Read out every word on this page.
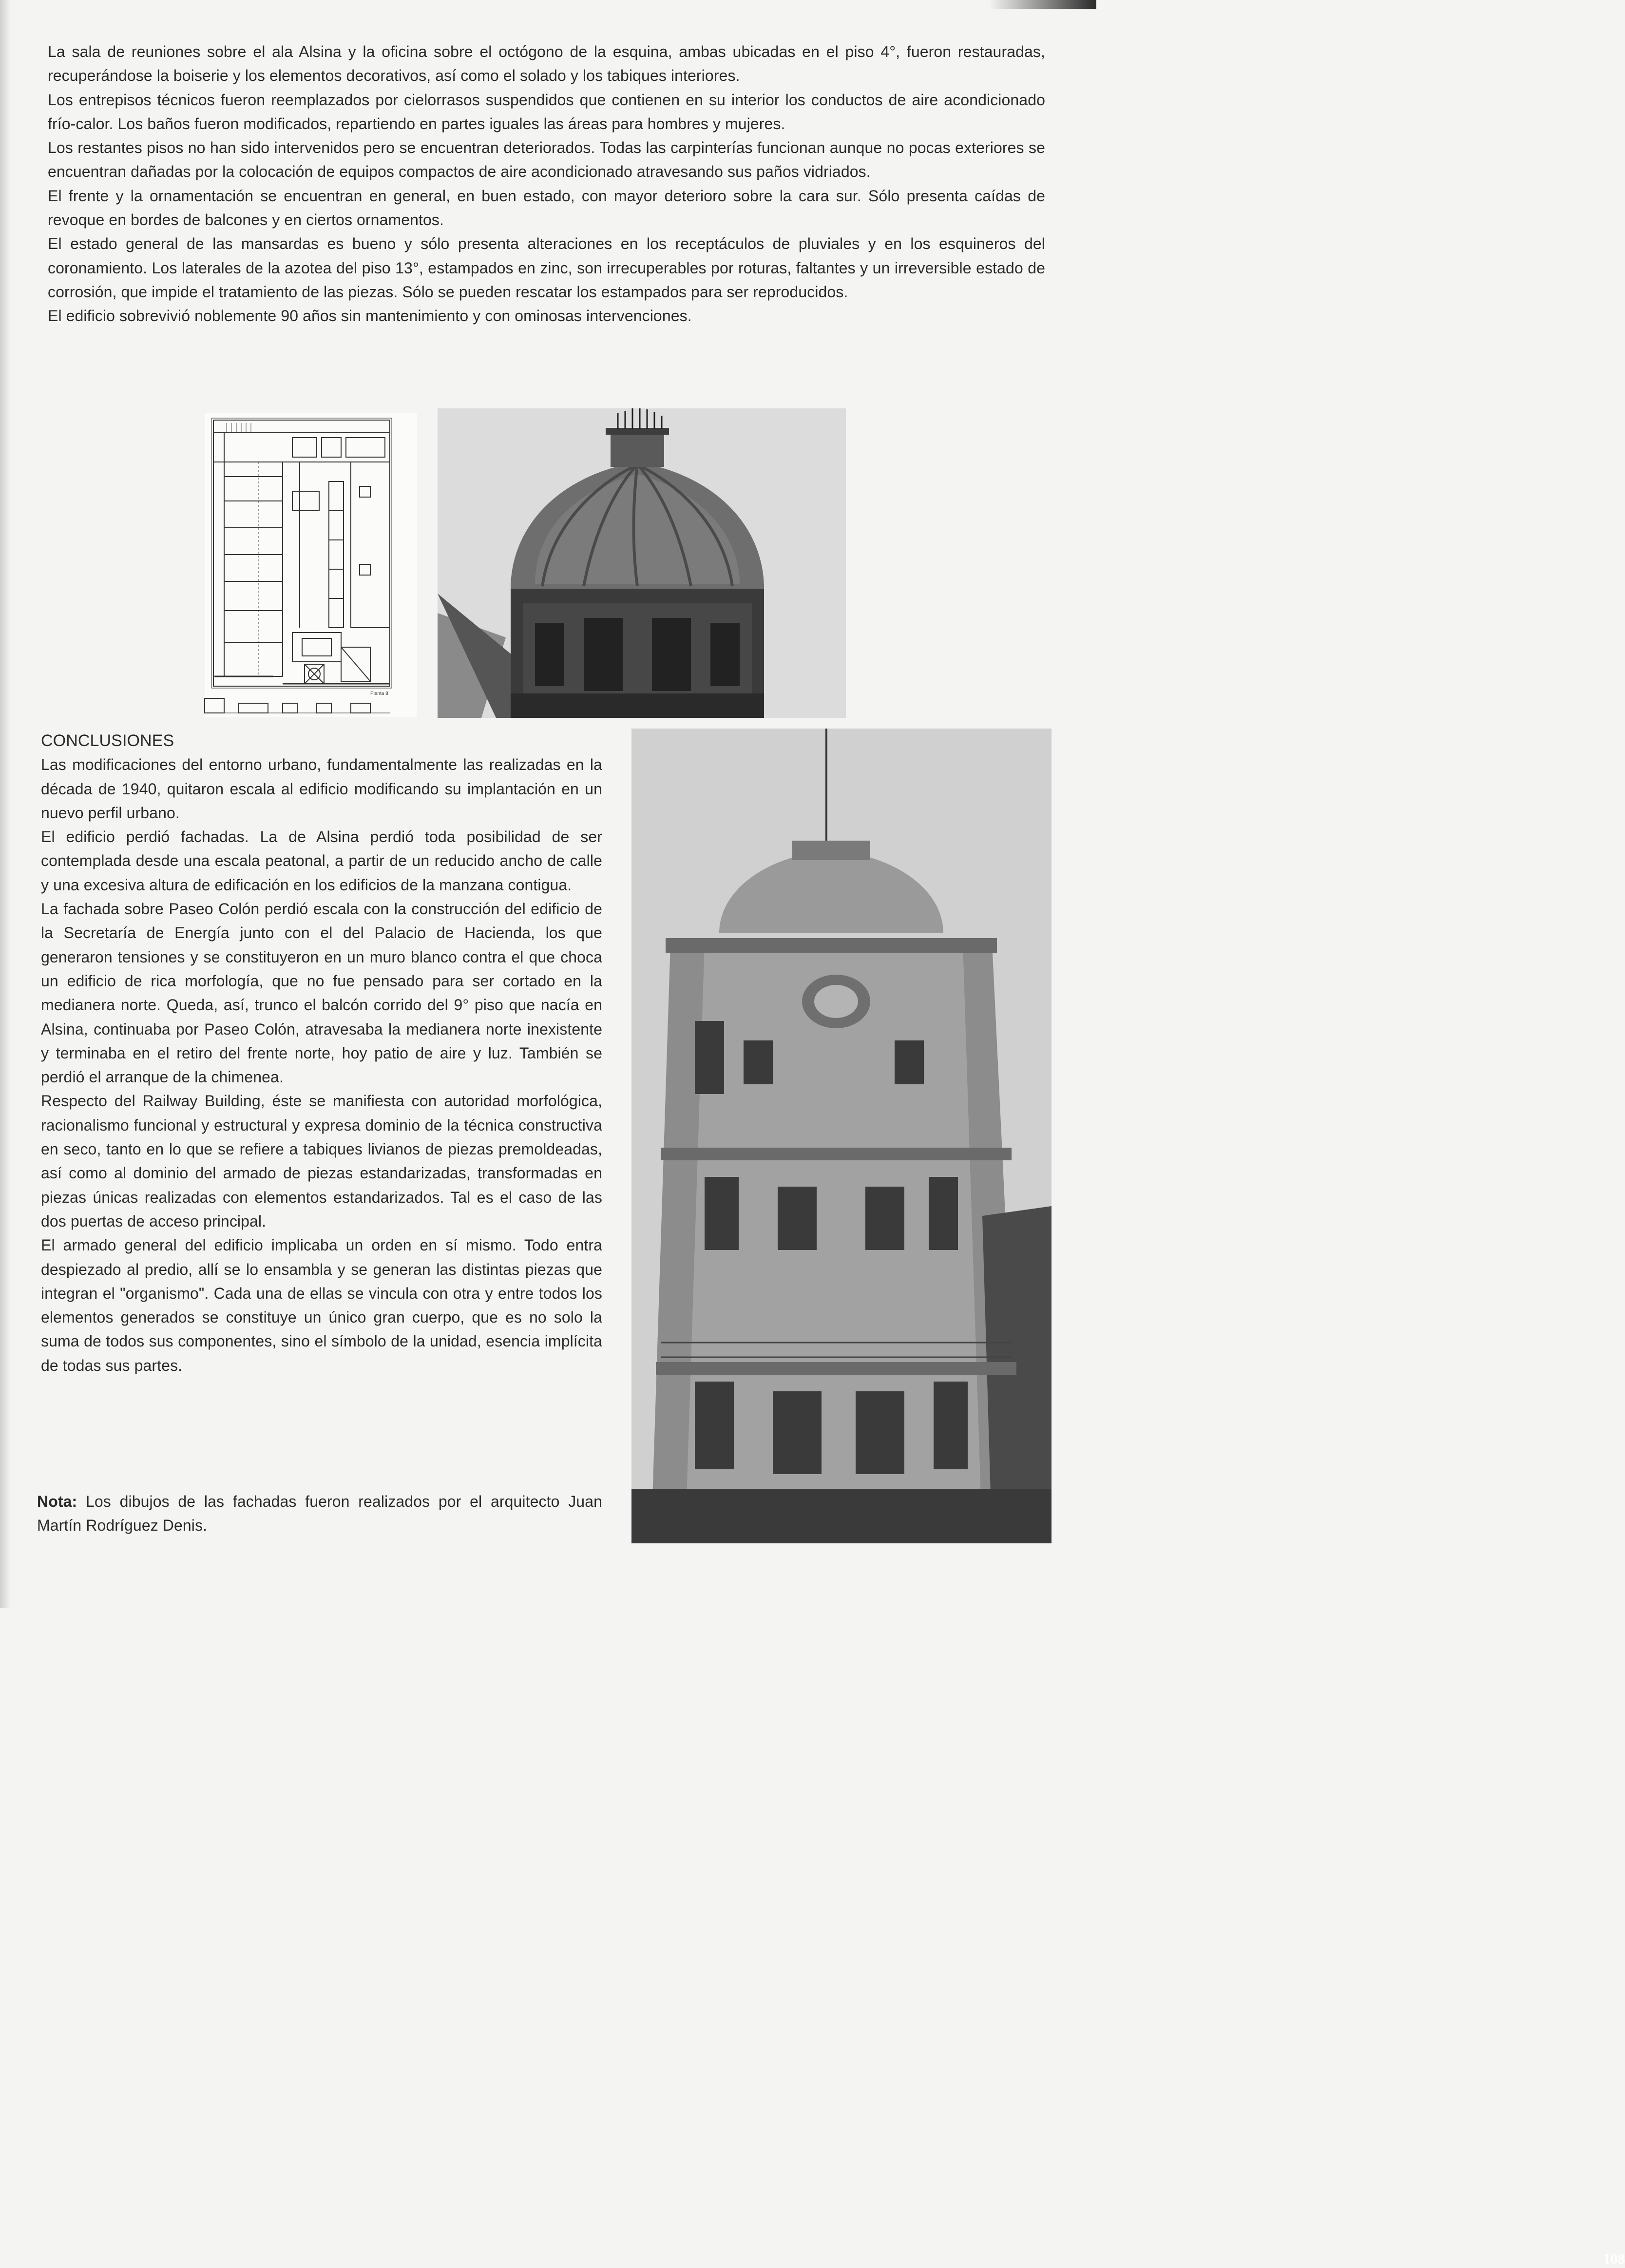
La sala de reuniones sobre el ala Alsina y la oficina sobre el octógono de la esquina, ambas ubicadas en el piso 4°, fueron restauradas, recuperándose la boiserie y los elementos decorativos, así como el solado y los tabiques interiores.
Los entrepisos técnicos fueron reemplazados por cielorrasos suspendidos que contienen en su interior los conductos de aire acondicionado frío-calor. Los baños fueron modificados, repartiendo en partes iguales las áreas para hombres y mujeres.
Los restantes pisos no han sido intervenidos pero se encuentran deteriorados. Todas las carpinterías funcionan aunque no pocas exteriores se encuentran dañadas por la colocación de equipos compactos de aire acondicionado atravesando sus paños vidriados.
El frente y la ornamentación se encuentran en general, en buen estado, con mayor deterioro sobre la cara sur. Sólo presenta caídas de revoque en bordes de balcones y en ciertos ornamentos.
El estado general de las mansardas es bueno y sólo presenta alteraciones en los receptáculos de pluviales y en los esquineros del coronamiento. Los laterales de la azotea del piso 13°, estampados en zinc, son irrecuperables por roturas, faltantes y un irreversible estado de corrosión, que impide el tratamiento de las piezas. Sólo se pueden rescatar los estampados para ser reproducidos.
El edificio sobrevivió noblemente 90 años sin mantenimiento y con ominosas intervenciones.
Planta 8
CONCLUSIONES
Las modificaciones del entorno urbano, fundamentalmente las realizadas en la década de 1940, quitaron escala al edificio modificando su implantación en un nuevo perfil urbano.
El edificio perdió fachadas. La de Alsina perdió toda posibilidad de ser contemplada desde una escala peatonal, a partir de un reducido ancho de calle y una excesiva altura de edificación en los edificios de la manzana contigua.
La fachada sobre Paseo Colón perdió escala con la construcción del edificio de la Secretaría de Energía junto con el del Palacio de Hacienda, los que generaron tensiones y se constituyeron en un muro blanco contra el que choca un edificio de rica morfología, que no fue pensado para ser cortado en la medianera norte. Queda, así, trunco el balcón corrido del 9° piso que nacía en Alsina, continuaba por Paseo Colón, atravesaba la medianera norte inexistente y terminaba en el retiro del frente norte, hoy patio de aire y luz. También se perdió el arranque de la chimenea.
Respecto del Railway Building, éste se manifiesta con autoridad morfológica, racionalismo funcional y estructural y expresa dominio de la técnica constructiva en seco, tanto en lo que se refiere a tabiques livianos de piezas premoldeadas, así como al dominio del armado de piezas estandarizadas, transformadas en piezas únicas realizadas con elementos estandarizados. Tal es el caso de las dos puertas de acceso principal.
El armado general del edificio implicaba un orden en sí mismo. Todo entra despiezado al predio, allí se lo ensambla y se generan las distintas piezas que integran el "organismo". Cada una de ellas se vincula con otra y entre todos los elementos generados se constituye un único gran cuerpo, que es no solo la suma de todos sus componentes, sino el símbolo de la unidad, esencia implícita de todas sus partes.
108
Nota: Los dibujos de las fachadas fueron realizados por el arquitecto Juan Martín Rodríguez Denis.
